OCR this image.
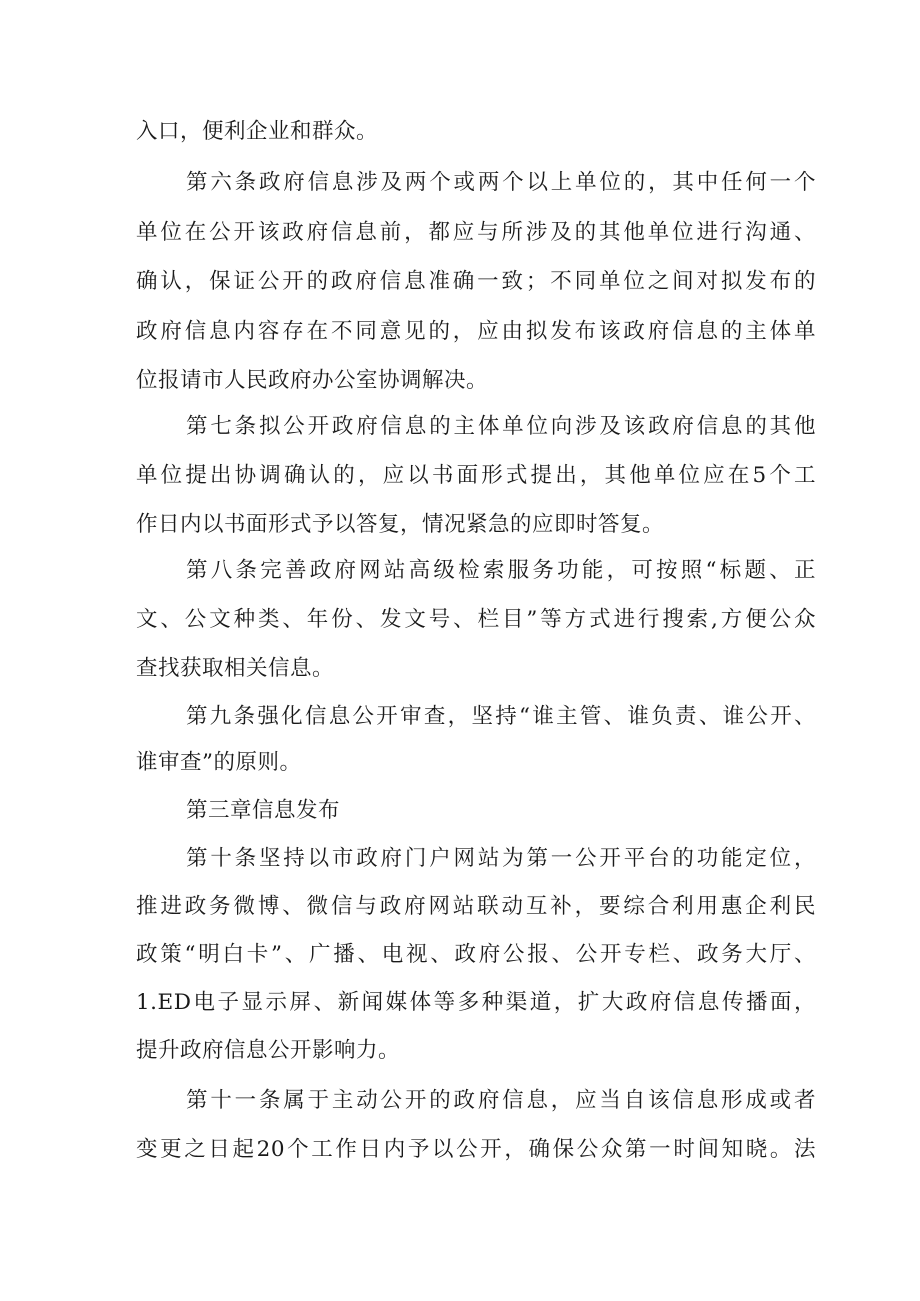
入口，便利企业和群众。
第六条政府信息涉及两个或两个以上单位的，其中任何一个
单位在公开该政府信息前，都应与所涉及的其他单位进行沟通、
确认，保证公开的政府信息准确一致；不同单位之间对拟发布的
政府信息内容存在不同意见的，应由拟发布该政府信息的主体单
位报请市人民政府办公室协调解决。
第七条拟公开政府信息的主体单位向涉及该政府信息的其他
单位提出协调确认的，应以书面形式提出，其他单位应在5个工
作日内以书面形式予以答复，情况紧急的应即时答复。
第八条完善政府网站高级检索服务功能，可按照“标题、正
文、公文种类、年份、发文号、栏目”等方式进行搜索,方便公众
查找获取相关信息。
第九条强化信息公开审查，坚持“谁主管、谁负责、谁公开、
谁审查”的原则。
第三章信息发布
第十条坚持以市政府门户网站为第一公开平台的功能定位，
推进政务微博、微信与政府网站联动互补，要综合利用惠企利民
政策“明白卡”、广播、电视、政府公报、公开专栏、政务大厅、
1.ED电子显示屏、新闻媒体等多种渠道，扩大政府信息传播面，
提升政府信息公开影响力。
第十一条属于主动公开的政府信息，应当自该信息形成或者
变更之日起20个工作日内予以公开，确保公众第一时间知晓。法
